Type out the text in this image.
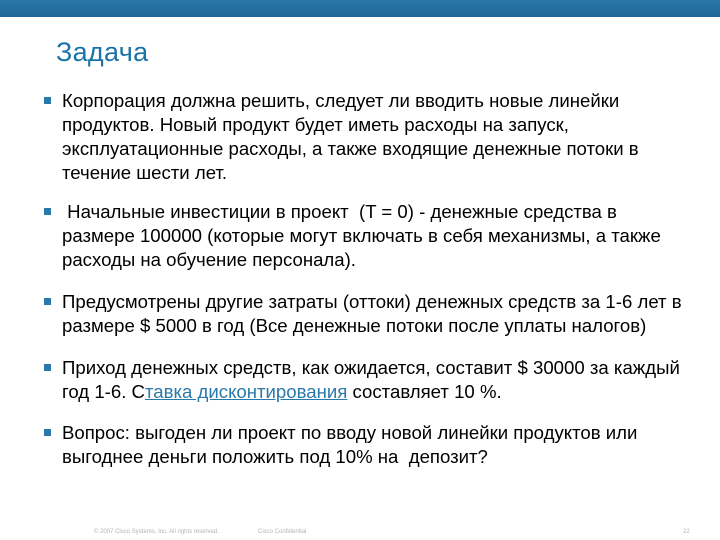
Задача
Корпорация должна решить, следует ли вводить новые линейки продуктов. Новый продукт будет иметь расходы на запуск, эксплуатационные расходы, а также входящие денежные потоки в течение шести лет.
Начальные инвестиции в проект  (T = 0) - денежные средства в размере 100000 (которые могут включать в себя механизмы, а также расходы на обучение персонала).
Предусмотрены другие затраты (оттоки) денежных средств за 1-6 лет в размере $ 5000 в год (Все денежные потоки после уплаты налогов)
Приход денежных средств, как ожидается, составит $ 30000 за каждый год 1-6. Ставка дисконтирования составляет 10 %.
Вопрос: выгоден ли проект по вводу новой линейки продуктов или выгоднее деньги положить под 10% на  депозит?
© 2007 Cisco Systems, Inc. All rights reserved.	Cisco Confidential	22
